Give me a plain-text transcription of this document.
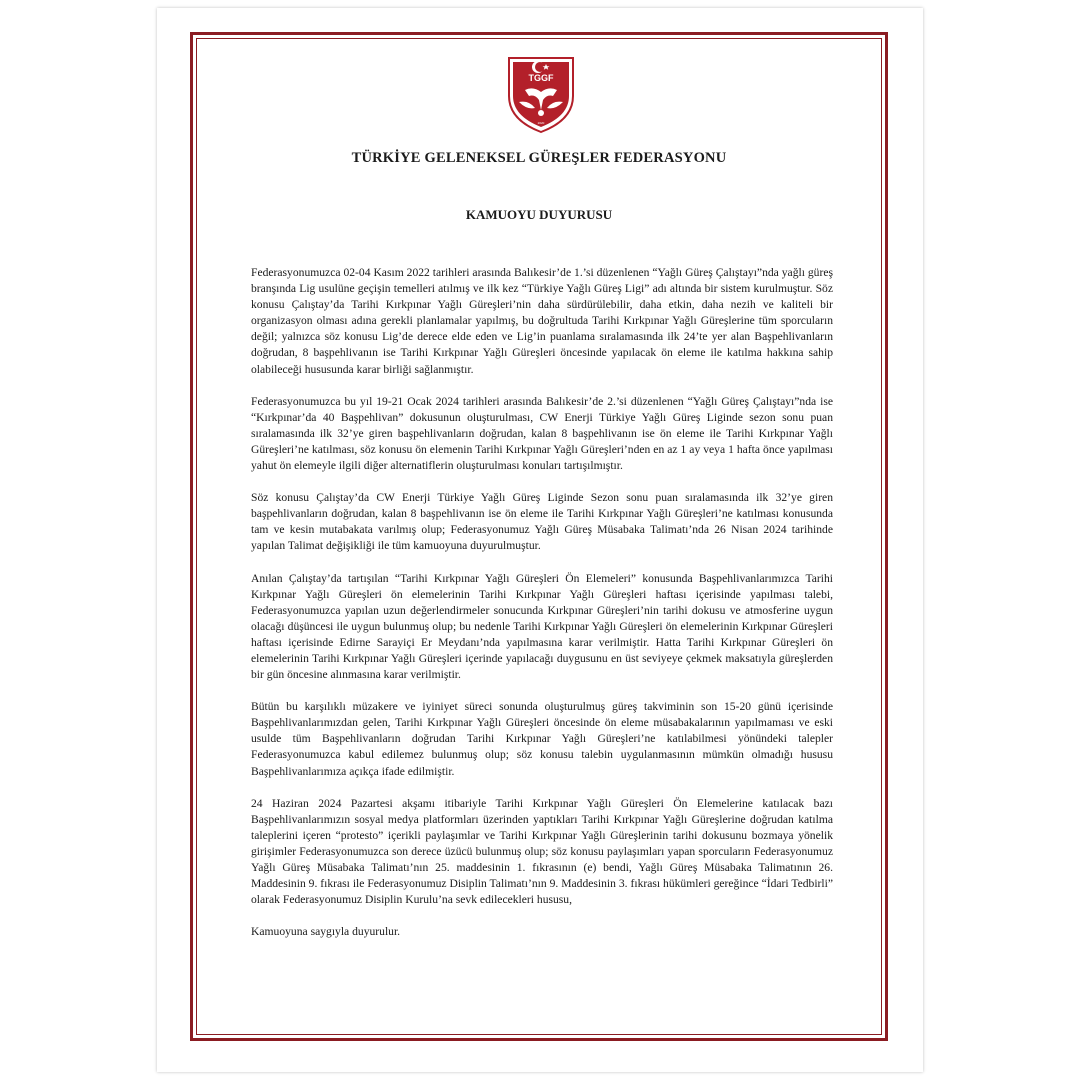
TGGF
2020
TÜRKİYE GELENEKSEL GÜREŞLER FEDERASYONU
KAMUOYU DUYURUSU

Federasyonumuzca 02-04 Kasım 2022 tarihleri arasında Balıkesir’de 1.’si düzenlenen “Yağlı Güreş Çalıştayı”nda yağlı güreş branşında Lig usulüne geçişin temelleri atılmış ve ilk kez “Türkiye Yağlı Güreş Ligi” adı altında bir sistem kurulmuştur. Söz konusu Çalıştay’da Tarihi Kırkpınar Yağlı Güreşleri’nin daha sürdürülebilir, daha etkin, daha nezih ve kaliteli bir organizasyon olması adına gerekli planlamalar yapılmış, bu doğrultuda Tarihi Kırkpınar Yağlı Güreşlerine tüm sporcuların değil; yalnızca söz konusu Lig’de derece elde eden ve Lig’in puanlama sıralamasında ilk 24’te yer alan Başpehlivanların doğrudan, 8 başpehlivanın ise Tarihi Kırkpınar Yağlı Güreşleri öncesinde yapılacak ön eleme ile katılma hakkına sahip olabileceği hususunda karar birliği sağlanmıştır.

Federasyonumuzca bu yıl 19-21 Ocak 2024 tarihleri arasında Balıkesir’de 2.’si düzenlenen “Yağlı Güreş Çalıştayı”nda ise “Kırkpınar’da 40 Başpehlivan” dokusunun oluşturulması, CW Enerji Türkiye Yağlı Güreş Liginde sezon sonu puan sıralamasında ilk 32’ye giren başpehlivanların doğrudan, kalan 8 başpehlivanın ise ön eleme ile Tarihi Kırkpınar Yağlı Güreşleri’ne katılması, söz konusu ön elemenin Tarihi Kırkpınar Yağlı Güreşleri’nden en az 1 ay veya 1 hafta önce yapılması yahut ön elemeyle ilgili diğer alternatiflerin oluşturulması konuları tartışılmıştır.

Söz konusu Çalıştay’da CW Enerji Türkiye Yağlı Güreş Liginde Sezon sonu puan sıralamasında ilk 32’ye giren başpehlivanların doğrudan, kalan 8 başpehlivanın ise ön eleme ile Tarihi Kırkpınar Yağlı Güreşleri’ne katılması konusunda tam ve kesin mutabakata varılmış olup; Federasyonumuz Yağlı Güreş Müsabaka Talimatı’nda 26 Nisan 2024 tarihinde yapılan Talimat değişikliği ile tüm kamuoyuna duyurulmuştur.

Anılan Çalıştay’da tartışılan “Tarihi Kırkpınar Yağlı Güreşleri Ön Elemeleri” konusunda Başpehlivanlarımızca Tarihi Kırkpınar Yağlı Güreşleri ön elemelerinin Tarihi Kırkpınar Yağlı Güreşleri haftası içerisinde yapılması talebi, Federasyonumuzca yapılan uzun değerlendirmeler sonucunda Kırkpınar Güreşleri’nin tarihi dokusu ve atmosferine uygun olacağı düşüncesi ile uygun bulunmuş olup; bu nedenle Tarihi Kırkpınar Yağlı Güreşleri ön elemelerinin Kırkpınar Güreşleri haftası içerisinde Edirne Sarayiçi Er Meydanı’nda yapılmasına karar verilmiştir. Hatta Tarihi Kırkpınar Güreşleri ön elemelerinin Tarihi Kırkpınar Yağlı Güreşleri içerinde yapılacağı duygusunu en üst seviyeye çekmek maksatıyla güreşlerden bir gün öncesine alınmasına karar verilmiştir.

Bütün bu karşılıklı müzakere ve iyiniyet süreci sonunda oluşturulmuş güreş takviminin son 15-20 günü içerisinde Başpehlivanlarımızdan gelen, Tarihi Kırkpınar Yağlı Güreşleri öncesinde ön eleme müsabakalarının yapılmaması ve eski usulde tüm Başpehlivanların doğrudan Tarihi Kırkpınar Yağlı Güreşleri’ne katılabilmesi yönündeki talepler Federasyonumuzca kabul edilemez bulunmuş olup; söz konusu talebin uygulanmasının mümkün olmadığı hususu Başpehlivanlarımıza açıkça ifade edilmiştir.

24 Haziran 2024 Pazartesi akşamı itibariyle Tarihi Kırkpınar Yağlı Güreşleri Ön Elemelerine katılacak bazı Başpehlivanlarımızın sosyal medya platformları üzerinden yaptıkları Tarihi Kırkpınar Yağlı Güreşlerine doğrudan katılma taleplerini içeren “protesto” içerikli paylaşımlar ve Tarihi Kırkpınar Yağlı Güreşlerinin tarihi dokusunu bozmaya yönelik girişimler Federasyonumuzca son derece üzücü bulunmuş olup; söz konusu paylaşımları yapan sporcuların Federasyonumuz Yağlı Güreş Müsabaka Talimatı’nın 25. maddesinin 1. fıkrasının (e) bendi, Yağlı Güreş Müsabaka Talimatının 26. Maddesinin 9. fıkrası ile Federasyonumuz Disiplin Talimatı’nın 9. Maddesinin 3. fıkrası hükümleri gereğince “İdari Tedbirli” olarak Federasyonumuz Disiplin Kurulu’na sevk edilecekleri hususu,

Kamuoyuna saygıyla duyurulur.
